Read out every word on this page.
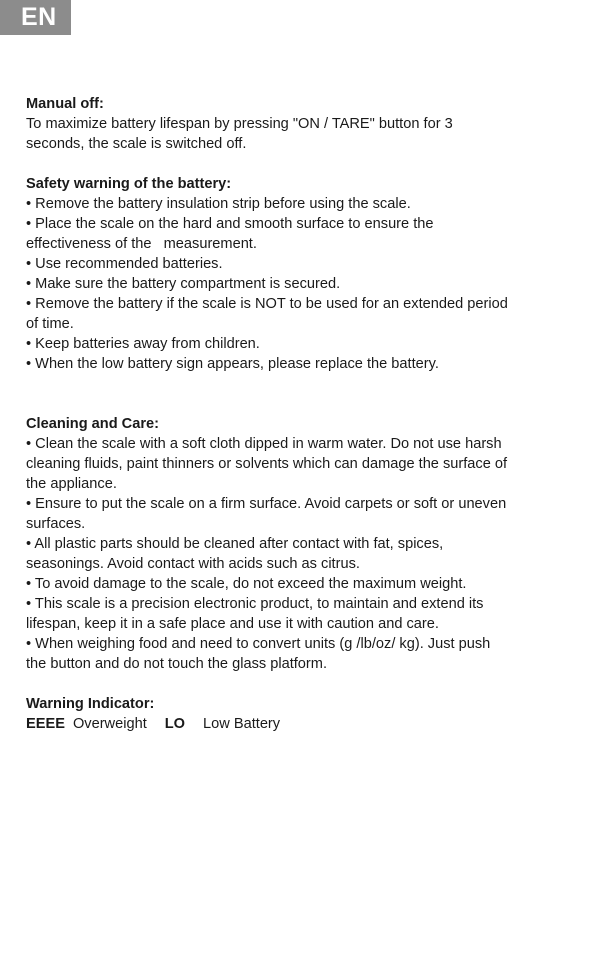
EN

Manual off:

To maximize battery lifespan by pressing "ON / TARE" button for 3

seconds, the scale is switched off.

Safety warning of the battery:

• Remove the battery insulation strip before using the scale.

• Place the scale on the hard and smooth surface to ensure the

effectiveness of the   measurement.

• Use recommended batteries.

• Make sure the battery compartment is secured.

• Remove the battery if the scale is NOT to be used for an extended period

of time.

• Keep batteries away from children.

• When the low battery sign appears, please replace the battery.

Cleaning and Care:

• Clean the scale with a soft cloth dipped in warm water. Do not use harsh

cleaning fluids, paint thinners or solvents which can damage the surface of

the appliance.

• Ensure to put the scale on a firm surface. Avoid carpets or soft or uneven

surfaces.

• All plastic parts should be cleaned after contact with fat, spices,

seasonings. Avoid contact with acids such as citrus.

• To avoid damage to the scale, do not exceed the maximum weight.

• This scale is a precision electronic product, to maintain and extend its

lifespan, keep it in a safe place and use it with caution and care.

• When weighing food and need to convert units (g /lb/oz/ kg). Just push

the button and do not touch the glass platform.

Warning Indicator:

EEEE Overweight LO Low Battery
